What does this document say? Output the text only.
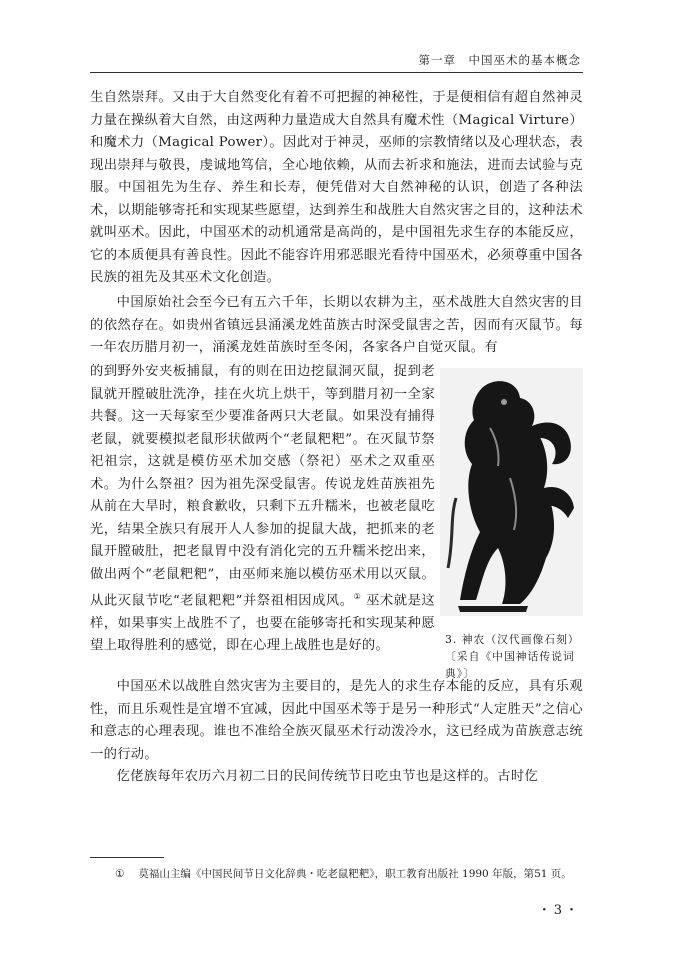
第一章　中国巫术的基本概念
生自然崇拜。又由于大自然变化有着不可把握的神秘性，于是便相信有超自然神灵力量在操纵着大自然，由这两种力量造成大自然具有魔术性（Magical Virture）和魔术力（Magical Power）。因此对于神灵，巫师的宗教情绪以及心理状态，表现出崇拜与敬畏，虔诚地笃信，全心地依赖，从而去祈求和施法，进而去试验与克服。中国祖先为生存、养生和长寿，便凭借对大自然神秘的认识，创造了各种法术，以期能够寄托和实现某些愿望，达到养生和战胜大自然灾害之目的，这种法术就叫巫术。因此，中国巫术的动机通常是高尚的，是中国祖先求生存的本能反应，它的本质便具有善良性。因此不能容许用邪恶眼光看待中国巫术，必须尊重中国各民族的祖先及其巫术文化创造。
中国原始社会至今已有五六千年，长期以农耕为主，巫术战胜大自然灾害的目的依然存在。如贵州省镇远县涌溪龙姓苗族古时深受鼠害之苦，因而有灭鼠节。每一年农历腊月初一，涌溪龙姓苗族时至冬闲，各家各户自觉灭鼠。有
的到野外安夹板捕鼠，有的则在田边挖鼠洞灭鼠，捉到老鼠就开膛破肚洗净，挂在火坑上烘干，等到腊月初一全家共餐。这一天每家至少要准备两只大老鼠。如果没有捕得老鼠，就要模拟老鼠形状做两个“老鼠粑粑”。在灭鼠节祭祀祖宗，这就是模仿巫术加交感（祭祀）巫术之双重巫术。为什么祭祖？因为祖先深受鼠害。传说龙姓苗族祖先从前在大旱时，粮食歉收，只剩下五升糯米，也被老鼠吃光，结果全族只有展开人人参加的捉鼠大战，把抓来的老鼠开膛破肚，把老鼠胃中没有消化完的五升糯米挖出来，做出两个“老鼠粑粑”，由巫师来施以模仿巫术用以灭鼠。从此灭鼠节吃“老鼠粑粑”并祭祖相因成风。① 巫术就是这样，如果事实上战胜不了，也要在能够寄托和实现某种愿望上取得胜利的感觉，即在心理上战胜也是好的。	3. 神农（汉代画像石刻）
〔采自《中国神话传说词典》〕
中国巫术以战胜自然灾害为主要目的，是先人的求生存本能的反应，具有乐观性，而且乐观性是宜增不宜减，因此中国巫术等于是另一种形式“人定胜天”之信心和意志的心理表现。谁也不准给全族灭鼠巫术行动泼冷水，这已经成为苗族意志统一的行动。
仡佬族每年农历六月初二日的民间传统节日吃虫节也是这样的。古时仡
① 莫福山主编《中国民间节日文化辞典・吃老鼠粑粑》，职工教育出版社 1990 年版，第51 页。
・3・
